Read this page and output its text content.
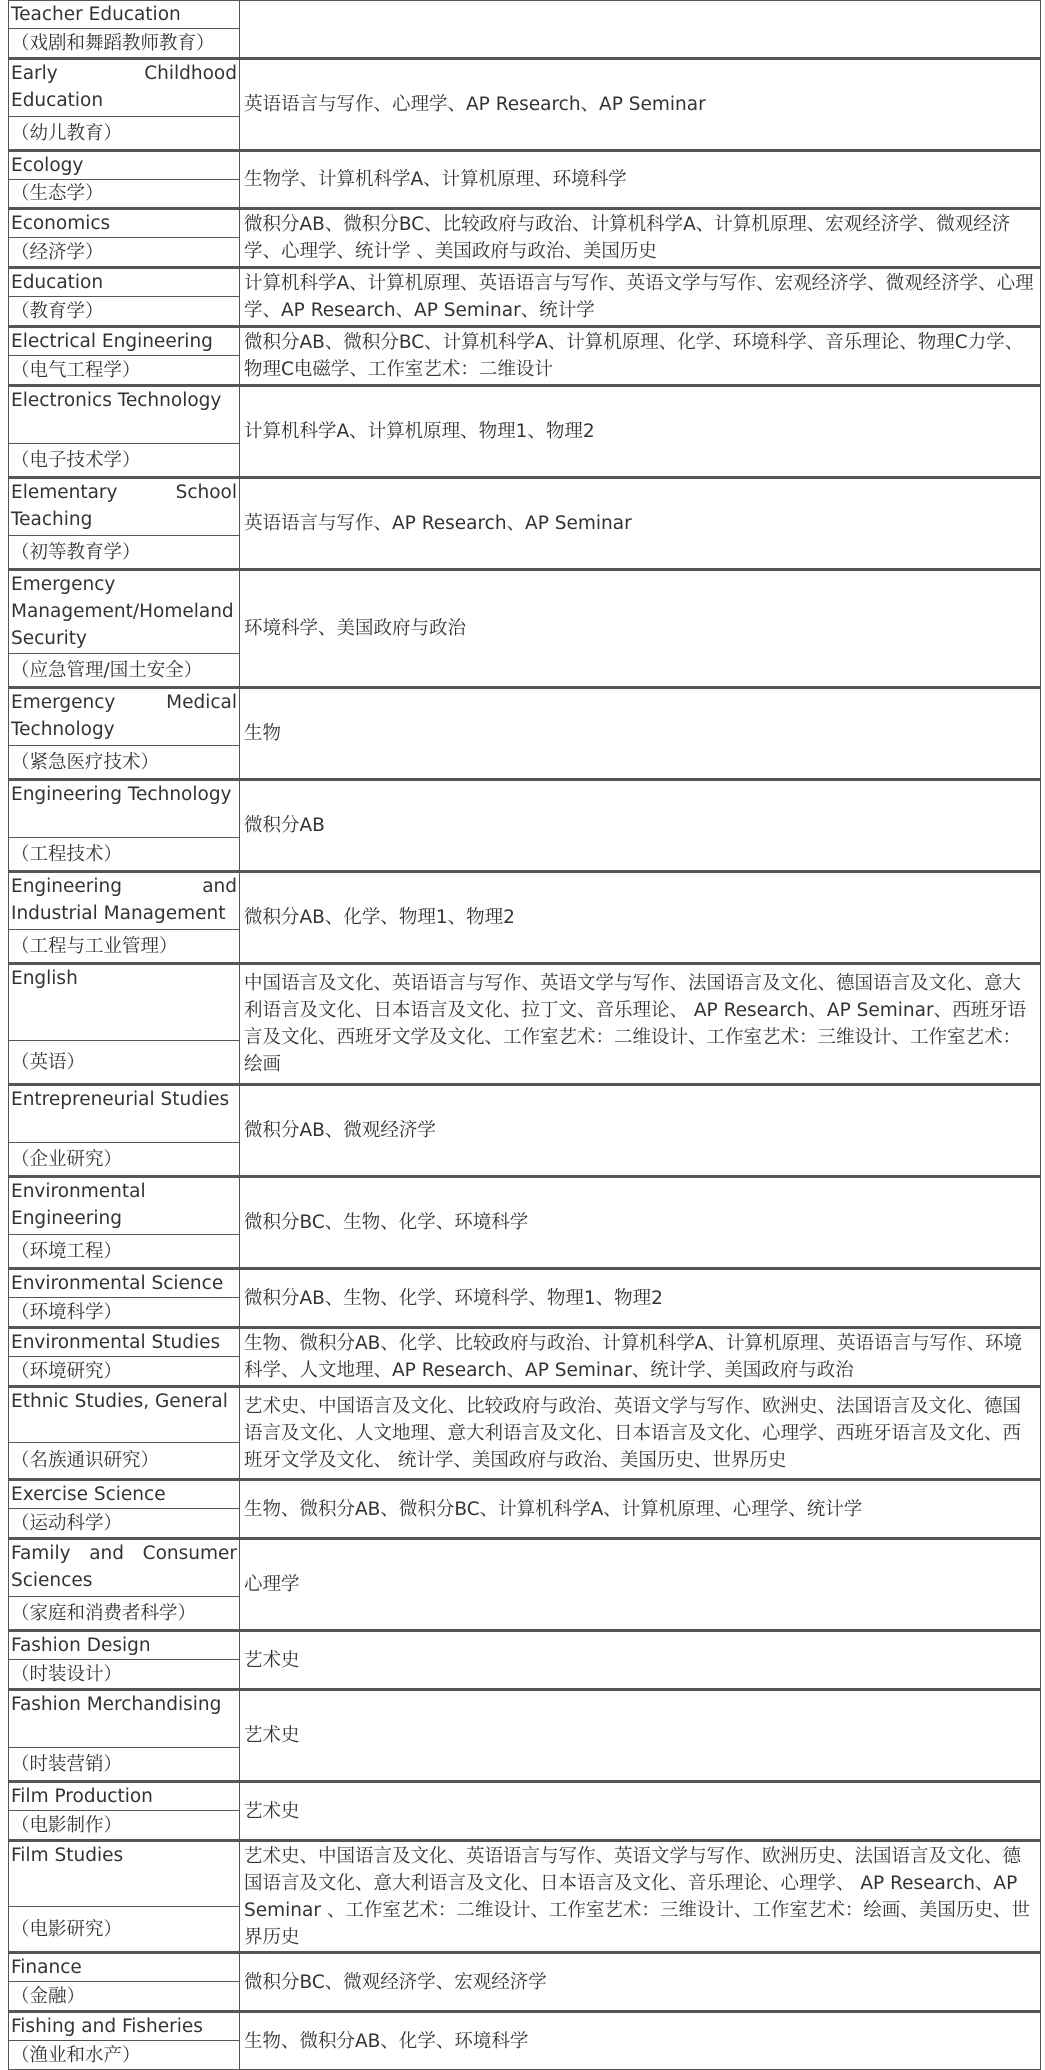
Teacher Education	
（戏剧和舞蹈教师教育）	
Early Childhood Education	英语语言与写作、心理学、AP Research、AP Seminar
（幼儿教育）	
Ecology	生物学、计算机科学A、计算机原理、环境科学
（生态学）	
Economics	微积分AB、微积分BC、比较政府与政治、计算机科学A、计算机原理、宏观经济学、微观经济学、心理学、统计学 、美国政府与政治、美国历史
（经济学）	
Education	计算机科学A、计算机原理、英语语言与写作、英语文学与写作、宏观经济学、微观经济学、心理学、AP Research、AP Seminar、统计学
（教育学）	
Electrical Engineering	微积分AB、微积分BC、计算机科学A、计算机原理、化学、环境科学、音乐理论、物理C力学、物理C电磁学、工作室艺术：二维设计
（电气工程学）	
Electronics Technology	计算机科学A、计算机原理、物理1、物理2
（电子技术学）	
Elementary School Teaching	英语语言与写作、AP Research、AP Seminar
（初等教育学）	
Emergency Management/Homeland Security	环境科学、美国政府与政治
（应急管理/国土安全）	
Emergency Medical Technology	生物
（紧急医疗技术）	
Engineering Technology	微积分AB
（工程技术）	
Engineering and Industrial Management	微积分AB、化学、物理1、物理2
（工程与工业管理）	
English	中国语言及文化、英语语言与写作、英语文学与写作、法国语言及文化、德国语言及文化、意大利语言及文化、日本语言及文化、拉丁文、音乐理论、 AP Research、AP Seminar、西班牙语言及文化、西班牙文学及文化、工作室艺术：二维设计、工作室艺术：三维设计、工作室艺术：绘画
（英语）	
Entrepreneurial Studies	微积分AB、微观经济学
（企业研究）	
Environmental Engineering	微积分BC、生物、化学、环境科学
（环境工程）	
Environmental Science	微积分AB、生物、化学、环境科学、物理1、物理2
（环境科学）	
Environmental Studies	生物、微积分AB、化学、比较政府与政治、计算机科学A、计算机原理、英语语言与写作、环境科学、人文地理、AP Research、AP Seminar、统计学、美国政府与政治
（环境研究）	
Ethnic Studies, General	艺术史、中国语言及文化、比较政府与政治、英语文学与写作、欧洲史、法国语言及文化、德国语言及文化、人文地理、意大利语言及文化、日本语言及文化、心理学、西班牙语言及文化、西班牙文学及文化、 统计学、美国政府与政治、美国历史、世界历史
（名族通识研究）	
Exercise Science	生物、微积分AB、微积分BC、计算机科学A、计算机原理、心理学、统计学
（运动科学）	
Family and Consumer Sciences	心理学
（家庭和消费者科学）	
Fashion Design	艺术史
（时装设计）	
Fashion Merchandising	艺术史
（时装营销）	
Film Production	艺术史
（电影制作）	
Film Studies	艺术史、中国语言及文化、英语语言与写作、英语文学与写作、欧洲历史、法国语言及文化、德国语言及文化、意大利语言及文化、日本语言及文化、音乐理论、心理学、 AP Research、AP Seminar 、工作室艺术：二维设计、工作室艺术：三维设计、工作室艺术：绘画、美国历史、世界历史
（电影研究）	
Finance	微积分BC、微观经济学、宏观经济学
（金融）	
Fishing and Fisheries	生物、微积分AB、化学、环境科学
（渔业和水产）	
